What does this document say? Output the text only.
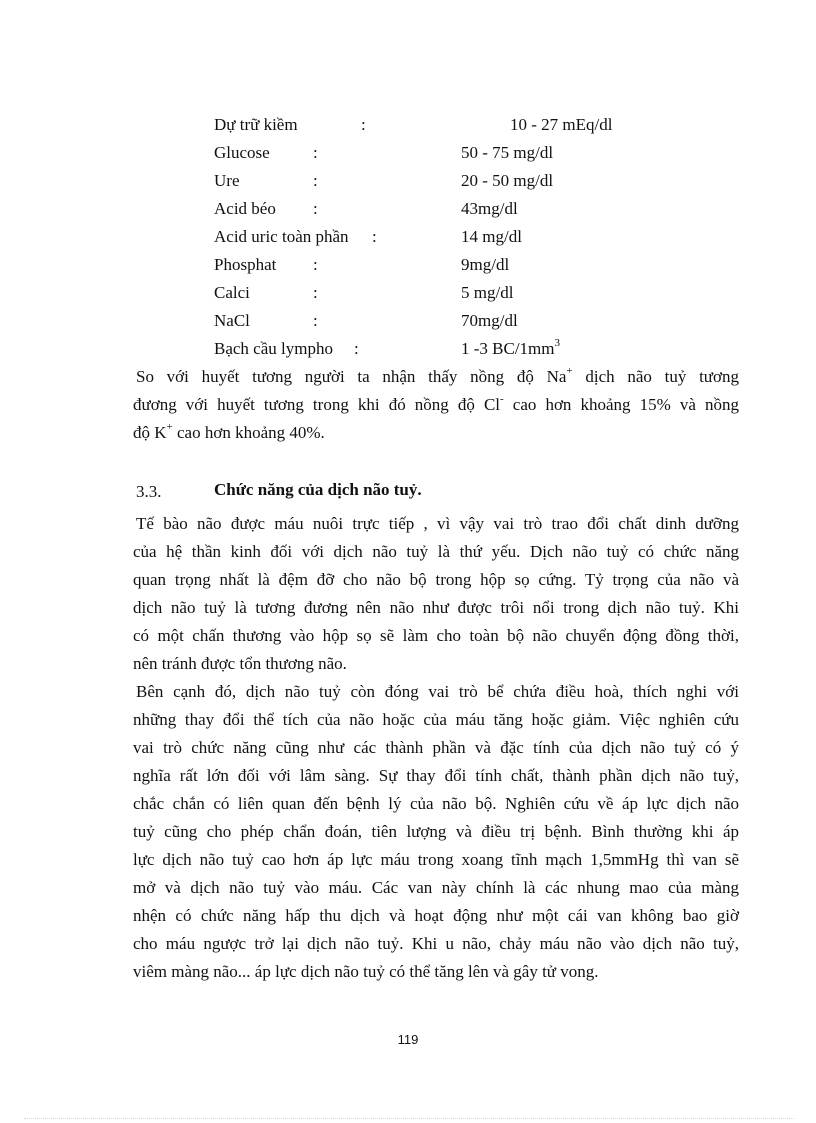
Dự trữ kiềm	:	10 - 27 mEq/dl
Glucose	:	50 - 75 mg/dl
Ure	:	20 - 50 mg/dl
Acid béo :	43mg/dl
Acid uric toàn phần :	14 mg/dl
Phosphat :	9mg/dl
Calci	:	5 mg/dl
NaCl	:	70mg/dl
Bạch cầu lympho :	1 -3 $BC/1mm^3$
So với huyết tương người ta nhận thấy nồng độ Na+ dịch não tuỷ tương
đương với huyết tương trong khi đó nồng độ Cl- cao hơn khoảng 15% và nồng
độ K+ cao hơn khoảng 40%.
3.3.	Chức năng của dịch não tuỷ.
Tế bào não được máu nuôi trực tiếp , vì vậy vai trò trao đổi chất dinh dưỡng
của hệ thần kinh đối với dịch não tuỷ là thứ yếu. Dịch não tuỷ có chức năng
quan trọng nhất là đệm đỡ cho não bộ trong hộp sọ cứng. Tỷ trọng của não và
dịch não tuỷ là tương đương nên não như được trôi nổi trong dịch não tuỷ. Khi
có một chấn thương vào hộp sọ sẽ làm cho toàn bộ não chuyển động đồng thời,
nên tránh được tổn thương não.
Bên cạnh đó, dịch não tuỷ còn đóng vai trò bể chứa điều hoà, thích nghi với
những thay đổi thể tích của não hoặc của máu tăng hoặc giảm. Việc nghiên cứu
vai trò chức năng cũng như các thành phần và đặc tính của dịch não tuỷ có ý
nghĩa rất lớn đối với lâm sàng. Sự thay đổi tính chất, thành phần dịch não tuỷ,
chắc chắn có liên quan đến bệnh lý của não bộ. Nghiên cứu về áp lực dịch não
tuỷ cũng cho phép chẩn đoán, tiên lượng và điều trị bệnh. Bình thường khi áp
lực dịch não tuỷ cao hơn áp lực máu trong xoang tĩnh mạch 1,5mmHg thì van sẽ
mở và dịch não tuỷ vào máu. Các van này chính là các nhung mao của màng
nhện có chức năng hấp thu dịch và hoạt động như một cái van không bao giờ
cho máu ngược trở lại dịch não tuỷ. Khi u não, chảy máu não vào dịch não tuỷ,
viêm màng não... áp lực dịch não tuỷ có thể tăng lên và gây tử vong.
119
